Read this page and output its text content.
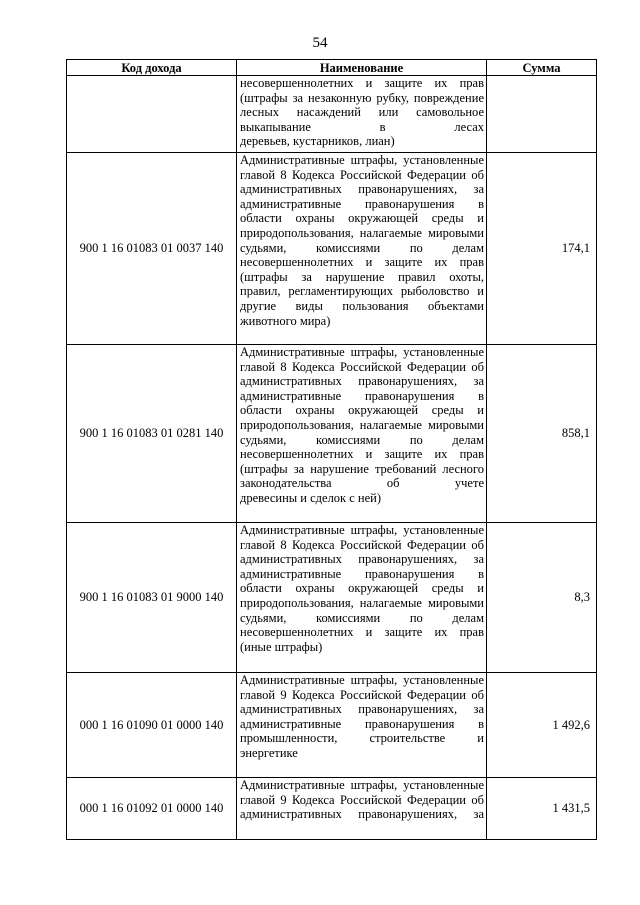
54
Код дохода	Наименование	Сумма
	несовершеннолетних и защите их прав (штрафы за незаконную рубку, повреждение лесных насаждений или самовольное выкапывание в лесах
деревьев, кустарников, лиан)	

900 1 16 01083 01 0037 140	Административные штрафы, установленные главой 8 Кодекса Российской Федерации об административных правонарушениях, за административные правонарушения в области охраны окружающей среды и природопользования, налагаемые мировыми судьями, комиссиями по делам несовершеннолетних и защите их прав (штрафы за нарушение правил охоты, правил, регламентирующих рыболовство и другие виды пользования объектами
животного мира)	174,1
900 1 16 01083 01 0281 140	Административные штрафы, установленные главой 8 Кодекса Российской Федерации об административных правонарушениях, за административные правонарушения в области охраны окружающей среды и природопользования, налагаемые мировыми судьями, комиссиями по делам несовершеннолетних и защите их прав (штрафы за нарушение требований лесного законодательства об учете
древесины и сделок с ней)	858,1
900 1 16 01083 01 9000 140	Административные штрафы, установленные главой 8 Кодекса Российской Федерации об административных правонарушениях, за административные правонарушения в области охраны окружающей среды и природопользования, налагаемые мировыми судьями, комиссиями по делам несовершеннолетних и защите их прав
(иные штрафы)	8,3
000 1 16 01090 01 0000 140	Административные штрафы, установленные главой 9 Кодекса Российской Федерации об административных правонарушениях, за административные правонарушения в промышленности, строительстве и
энергетике	1 492,6
000 1 16 01092 01 0000 140	Административные штрафы, установленные главой 9 Кодекса Российской Федерации об административных правонарушениях, за	1 431,5
